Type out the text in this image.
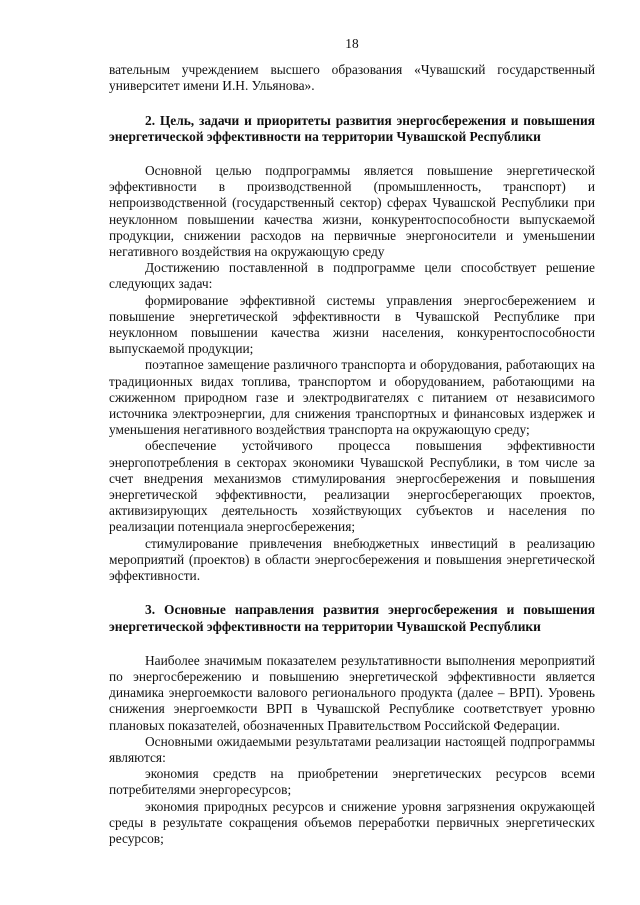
18

вательным учреждением высшего образования «Чувашский государственный университет имени И.Н. Ульянова».

2. Цель, задачи и приоритеты развития энергосбережения и повышения энергетической эффективности на территории Чувашской Республики

Основной целью подпрограммы является повышение энергетической эффективности в производственной (промышленность, транспорт) и непроизводственной (государственный сектор) сферах Чувашской Республики при неуклонном повышении качества жизни, конкурентоспособности выпускаемой продукции, снижении расходов на первичные энергоносители и уменьшении негативного воздействия на окружающую среду

Достижению поставленной в подпрограмме цели способствует решение следующих задач:

формирование эффективной системы управления энергосбережением и повышение энергетической эффективности в Чувашской Республике при неуклонном повышении качества жизни населения, конкурентоспособности выпускаемой продукции;

поэтапное замещение различного транспорта и оборудования, работающих на традиционных видах топлива, транспортом и оборудованием, работающими на сжиженном природном газе и электродвигателях с питанием от независимого источника электроэнергии, для снижения транспортных и финансовых издержек и уменьшения негативного воздействия транспорта на окружающую среду;

обеспечение устойчивого процесса повышения эффективности энергопотребления в секторах экономики Чувашской Республики, в том числе за счет внедрения механизмов стимулирования энергосбережения и повышения энергетической эффективности, реализации энергосберегающих проектов, активизирующих деятельность хозяйствующих субъектов и населения по реализации потенциала энергосбережения;

стимулирование привлечения внебюджетных инвестиций в реализацию мероприятий (проектов) в области энергосбережения и повышения энергетической эффективности.

3. Основные направления развития энергосбережения и повышения энергетической эффективности на территории Чувашской Республики

Наиболее значимым показателем результативности выполнения мероприятий по энергосбережению и повышению энергетической эффективности является динамика энергоемкости валового регионального продукта (далее – ВРП). Уровень снижения энергоемкости ВРП в Чувашской Республике соответствует уровню плановых показателей, обозначенных Правительством Российской Федерации.

Основными ожидаемыми результатами реализации настоящей подпрограммы являются:

экономия средств на приобретении энергетических ресурсов всеми потребителями энергоресурсов;

экономия природных ресурсов и снижение уровня загрязнения окружающей среды в результате сокращения объемов переработки первичных энергетических ресурсов;
